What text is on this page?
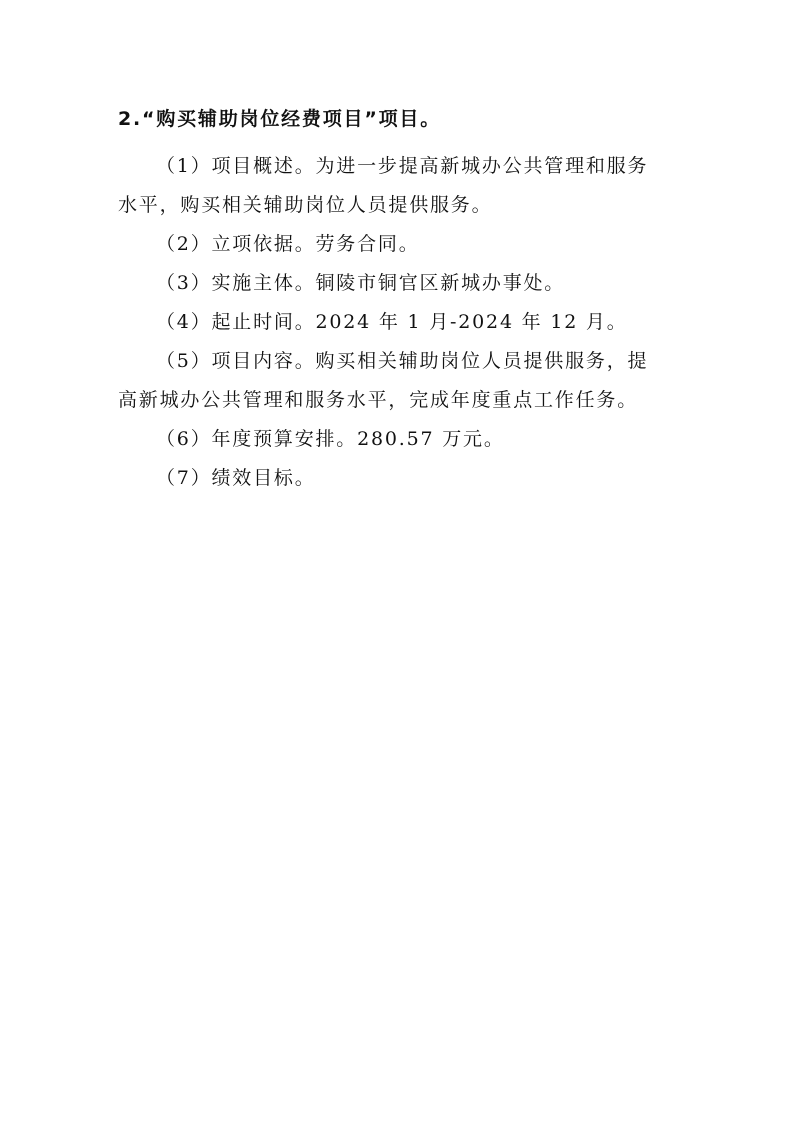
2.“购买辅助岗位经费项目”项目。

（1）项目概述。为进一步提高新城办公共管理和服务 水平，购买相关辅助岗位人员提供服务。

（2）立项依据。劳务合同。

（3）实施主体。铜陵市铜官区新城办事处。

（4）起止时间。2024 年 1 月-2024 年 12 月。

（5）项目内容。购买相关辅助岗位人员提供服务，提 高新城办公共管理和服务水平，完成年度重点工作任务。

（6）年度预算安排。280.57 万元。

（7）绩效目标。
